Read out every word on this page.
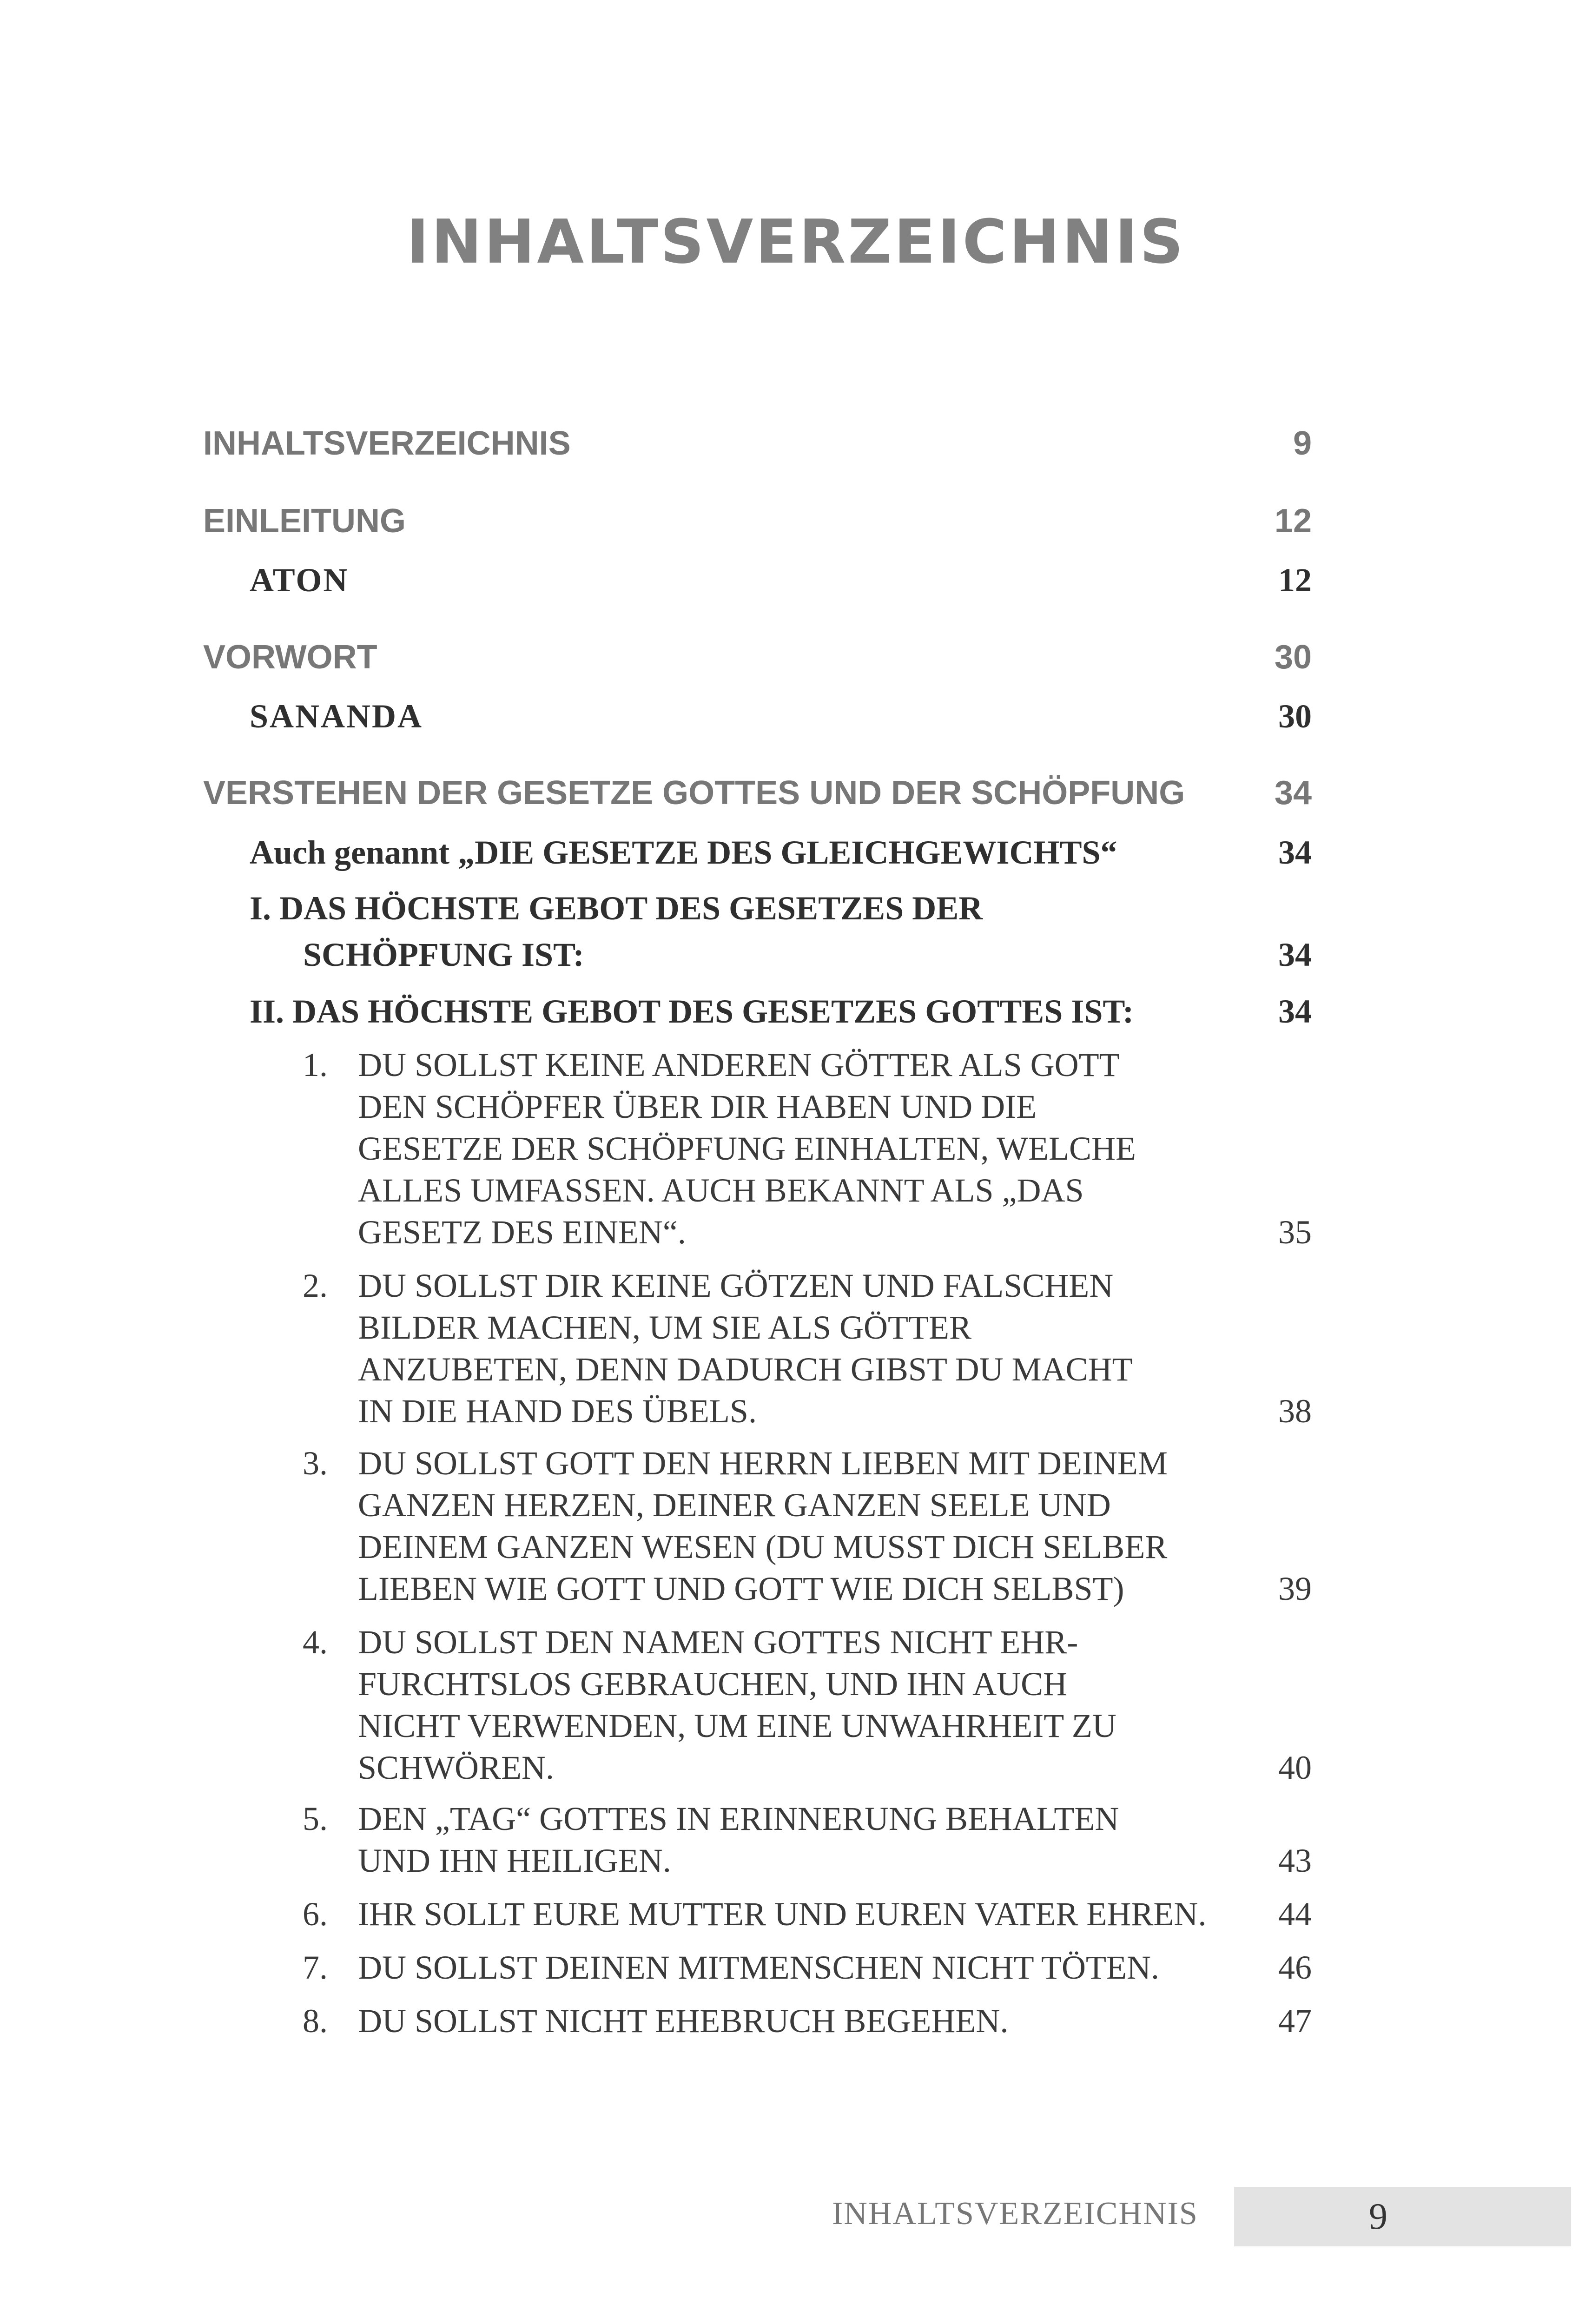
INHALTSVERZEICHNIS
INHALTSVERZEICHNIS	9
EINLEITUNG	12
ATON	12
VORWORT	30
SANANDA	30
VERSTEHEN DER GESETZE GOTTES UND DER SCHÖPFUNG	34
Auch genannt „DIE GESETZE DES GLEICHGEWICHTS“	34
I. DAS HÖCHSTE GEBOT DES GESETZES DER
SCHÖPFUNG IST:	34
II. DAS HÖCHSTE GEBOT DES GESETZES GOTTES IST:	34
1. DU SOLLST KEINE ANDEREN GÖTTER ALS GOTT
DEN SCHÖPFER ÜBER DIR HABEN UND DIE
GESETZE DER SCHÖPFUNG EINHALTEN, WELCHE
ALLES UMFASSEN. AUCH BEKANNT ALS „DAS
GESETZ DES EINEN“.	35
2. DU SOLLST DIR KEINE GÖTZEN UND FALSCHEN
BILDER MACHEN, UM SIE ALS GÖTTER
ANZUBETEN, DENN DADURCH GIBST DU MACHT
IN DIE HAND DES ÜBELS.	38
3. DU SOLLST GOTT DEN HERRN LIEBEN MIT DEINEM
GANZEN HERZEN, DEINER GANZEN SEELE UND
DEINEM GANZEN WESEN (DU MUSST DICH SELBER
LIEBEN WIE GOTT UND GOTT WIE DICH SELBST)	39
4. DU SOLLST DEN NAMEN GOTTES NICHT EHR-
FURCHTSLOS GEBRAUCHEN, UND IHN AUCH
NICHT VERWENDEN, UM EINE UNWAHRHEIT ZU
SCHWÖREN.	40
5. DEN „TAG“ GOTTES IN ERINNERUNG BEHALTEN
UND IHN HEILIGEN.	43
6. IHR SOLLT EURE MUTTER UND EUREN VATER EHREN. 44
7. DU SOLLST DEINEN MITMENSCHEN NICHT TÖTEN.	46
8. DU SOLLST NICHT EHEBRUCH BEGEHEN.	47
INHALTSVERZEICHNIS	9
